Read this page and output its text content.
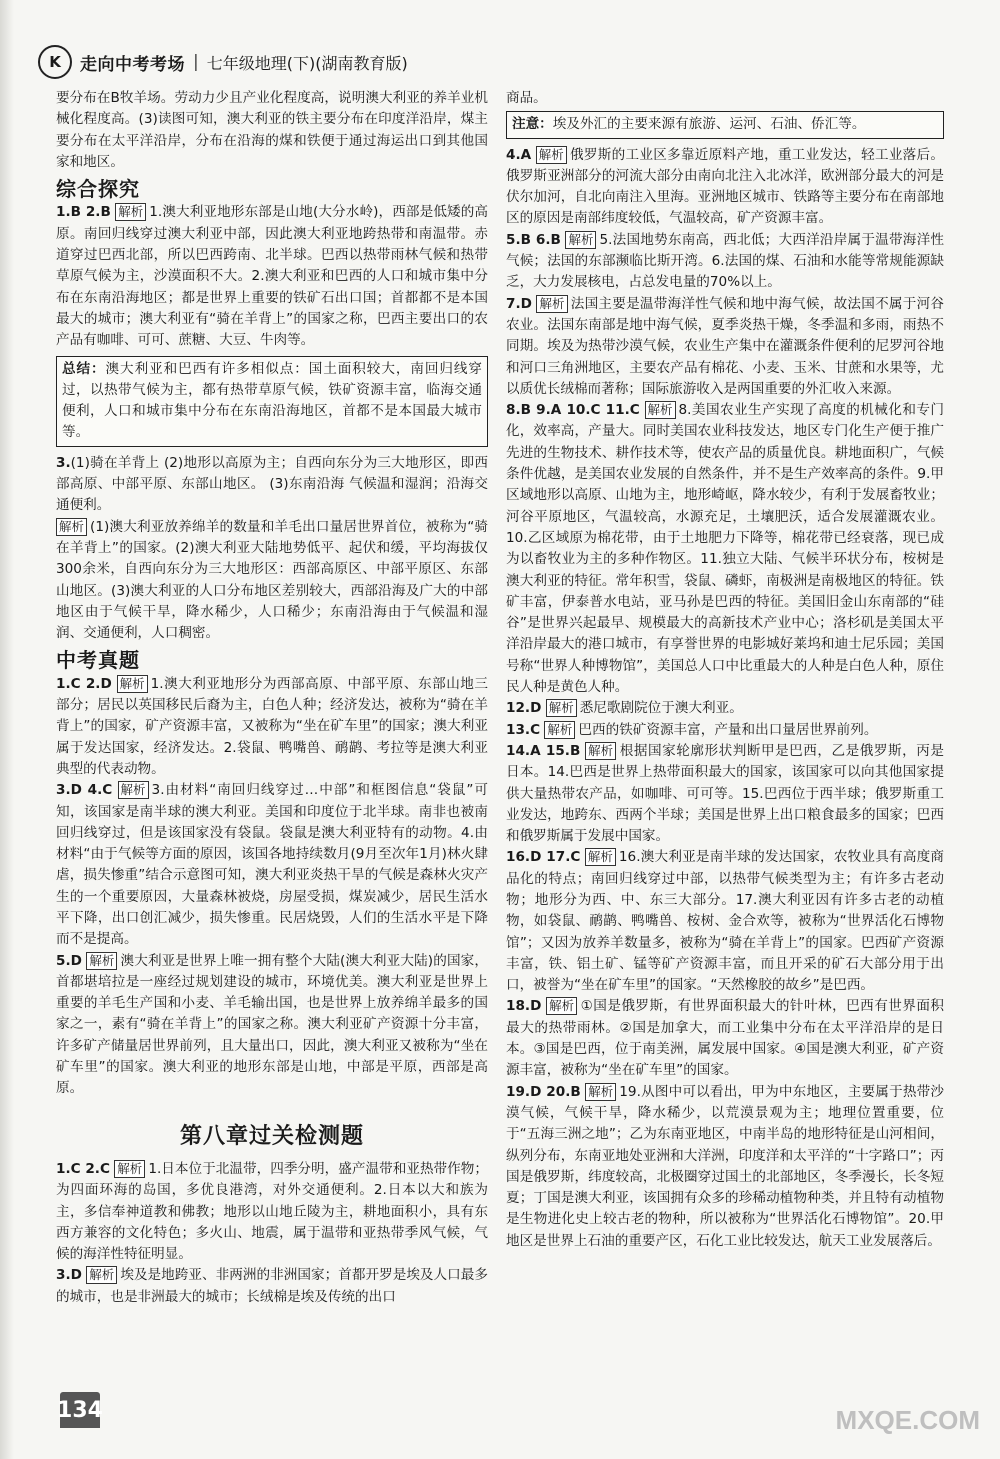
K	走向中考考场 | 七年级地理(下)(湖南教育版)

要分布在B牧羊场。劳动力少且产业化程度高，说明澳大利亚的养羊业机械化程度高。(3)读图可知，澳大利亚的铁主要分布在印度洋沿岸，煤主要分布在太平洋沿岸，分布在沿海的煤和铁便于通过海运出口到其他国家和地区。

综合探究

1.B 2.B 解析 1.澳大利亚地形东部是山地(大分水岭)，西部是低矮的高原。南回归线穿过澳大利亚中部，因此澳大利亚地跨热带和南温带。赤道穿过巴西北部，所以巴西跨南、北半球。巴西以热带雨林气候和热带草原气候为主，沙漠面积不大。2.澳大利亚和巴西的人口和城市集中分布在东南沿海地区；都是世界上重要的铁矿石出口国；首都都不是本国最大的城市；澳大利亚有“骑在羊背上”的国家之称，巴西主要出口的农产品有咖啡、可可、蔗糖、大豆、牛肉等。

总结：澳大利亚和巴西有许多相似点：国土面积较大，南回归线穿过，以热带气候为主，都有热带草原气候，铁矿资源丰富，临海交通便利，人口和城市集中分布在东南沿海地区，首都不是本国最大城市等。

3.(1)骑在羊背上 (2)地形以高原为主；自西向东分为三大地形区，即西部高原、中部平原、东部山地区。 (3)东南沿海 气候温和湿润；沿海交通便利。

解析 (1)澳大利亚放养绵羊的数量和羊毛出口量居世界首位，被称为“骑在羊背上”的国家。(2)澳大利亚大陆地势低平、起伏和缓，平均海拔仅300余米，自西向东分为三大地形区：西部高原区、中部平原区、东部山地区。(3)澳大利亚的人口分布地区差别较大，西部沿海及广大的中部地区由于气候干旱，降水稀少，人口稀少；东南沿海由于气候温和湿润、交通便利，人口稠密。

中考真题

1.C 2.D 解析 1.澳大利亚地形分为西部高原、中部平原、东部山地三部分；居民以英国移民后裔为主，白色人种；经济发达，被称为“骑在羊背上”的国家，矿产资源丰富，又被称为“坐在矿车里”的国家；澳大利亚属于发达国家，经济发达。2.袋鼠、鸭嘴兽、鸸鹋、考拉等是澳大利亚典型的代表动物。

3.D 4.C 解析 3.由材料“南回归线穿过…中部”和框图信息“袋鼠”可知，该国家是南半球的澳大利亚。美国和印度位于北半球。南非也被南回归线穿过，但是该国家没有袋鼠。袋鼠是澳大利亚特有的动物。4.由材料“由于气候等方面的原因，该国各地持续数月(9月至次年1月)林火肆虐，损失惨重”结合示意图可知，澳大利亚炎热干旱的气候是森林火灾产生的一个重要原因，大量森林被烧，房屋受损，煤炭减少，居民生活水平下降，出口创汇减少，损失惨重。民居烧毁，人们的生活水平是下降而不是提高。

5.D 解析 澳大利亚是世界上唯一拥有整个大陆(澳大利亚大陆)的国家，首都堪培拉是一座经过规划建设的城市，环境优美。澳大利亚是世界上重要的羊毛生产国和小麦、羊毛输出国，也是世界上放养绵羊最多的国家之一，素有“骑在羊背上”的国家之称。澳大利亚矿产资源十分丰富，许多矿产储量居世界前列，且大量出口，因此，澳大利亚又被称为“坐在矿车里”的国家。澳大利亚的地形东部是山地，中部是平原，西部是高原。

第八章过关检测题

1.C 2.C 解析 1.日本位于北温带，四季分明，盛产温带和亚热带作物；为四面环海的岛国，多优良港湾，对外交通便利。2.日本以大和族为主，多信奉神道教和佛教；地形以山地丘陵为主，耕地面积小，具有东西方兼容的文化特色；多火山、地震，属于温带和亚热带季风气候，气候的海洋性特征明显。

3.D 解析 埃及是地跨亚、非两洲的非洲国家；首都开罗是埃及人口最多的城市，也是非洲最大的城市；长绒棉是埃及传统的出口

商品。

注意：埃及外汇的主要来源有旅游、运河、石油、侨汇等。

4.A 解析 俄罗斯的工业区多靠近原料产地，重工业发达，轻工业落后。俄罗斯亚洲部分的河流大部分由南向北注入北冰洋，欧洲部分最大的河是伏尔加河，自北向南注入里海。亚洲地区城市、铁路等主要分布在南部地区的原因是南部纬度较低，气温较高，矿产资源丰富。

5.B 6.B 解析 5.法国地势东南高，西北低；大西洋沿岸属于温带海洋性气候；法国的东部濒临比斯开湾。6.法国的煤、石油和水能等常规能源缺乏，大力发展核电，占总发电量的70%以上。

7.D 解析 法国主要是温带海洋性气候和地中海气候，故法国不属于河谷农业。法国东南部是地中海气候，夏季炎热干燥，冬季温和多雨，雨热不同期。埃及为热带沙漠气候，农业生产集中在灌溉条件便利的尼罗河谷地和河口三角洲地区，主要农产品有棉花、小麦、玉米、甘蔗和水果等，尤以质优长绒棉而著称；国际旅游收入是两国重要的外汇收入来源。

8.B 9.A 10.C 11.C 解析 8.美国农业生产实现了高度的机械化和专门化，效率高，产量大。同时美国农业科技发达，地区专门化生产便于推广先进的生物技术、耕作技术等，使农产品的质量优良。耕地面积广，气候条件优越，是美国农业发展的自然条件，并不是生产效率高的条件。9.甲区域地形以高原、山地为主，地形崎岖，降水较少，有利于发展畜牧业；河谷平原地区，气温较高，水源充足，土壤肥沃，适合发展灌溉农业。10.乙区域原为棉花带，由于土地肥力下降等，棉花带已经衰落，现已成为以畜牧业为主的多种作物区。11.独立大陆、气候半环状分布，桉树是澳大利亚的特征。常年积雪，袋鼠、磷虾，南极洲是南极地区的特征。铁矿丰富，伊泰普水电站，亚马孙是巴西的特征。美国旧金山东南部的“硅谷”是世界兴起最早、规模最大的高新技术产业中心；洛杉矶是美国太平洋沿岸最大的港口城市，有享誉世界的电影城好莱坞和迪士尼乐园；美国号称“世界人种博物馆”，美国总人口中比重最大的人种是白色人种，原住民人种是黄色人种。

12.D 解析 悉尼歌剧院位于澳大利亚。

13.C 解析 巴西的铁矿资源丰富，产量和出口量居世界前列。

14.A 15.B 解析 根据国家轮廓形状判断甲是巴西，乙是俄罗斯，丙是日本。14.巴西是世界上热带面积最大的国家，该国家可以向其他国家提供大量热带农产品，如咖啡、可可等。15.巴西位于西半球；俄罗斯重工业发达，地跨东、西两个半球；美国是世界上出口粮食最多的国家；巴西和俄罗斯属于发展中国家。

16.D 17.C 解析 16.澳大利亚是南半球的发达国家，农牧业具有高度商品化的特点；南回归线穿过中部，以热带气候类型为主；有许多古老动物；地形分为西、中、东三大部分。17.澳大利亚因有许多古老的动植物，如袋鼠、鸸鹋、鸭嘴兽、桉树、金合欢等，被称为“世界活化石博物馆”；又因为放养羊数量多，被称为“骑在羊背上”的国家。巴西矿产资源丰富，铁、铝土矿、锰等矿产资源丰富，而且开采的矿石大部分用于出口，被誉为“坐在矿车里”的国家。“天然橡胶的故乡”是巴西。

18.D 解析 ①国是俄罗斯，有世界面积最大的针叶林，巴西有世界面积最大的热带雨林。②国是加拿大，而工业集中分布在太平洋沿岸的是日本。③国是巴西，位于南美洲，属发展中国家。④国是澳大利亚，矿产资源丰富，被称为“坐在矿车里”的国家。

19.D 20.B 解析 19.从图中可以看出，甲为中东地区，主要属于热带沙漠气候，气候干旱，降水稀少，以荒漠景观为主；地理位置重要，位于“五海三洲之地”；乙为东南亚地区，中南半岛的地形特征是山河相间，纵列分布，东南亚地处亚洲和大洋洲，印度洋和太平洋的“十字路口”；丙国是俄罗斯，纬度较高，北极圈穿过国土的北部地区，冬季漫长，长冬短夏；丁国是澳大利亚，该国拥有众多的珍稀动植物种类，并且特有动植物是生物进化史上较古老的物种，所以被称为“世界活化石博物馆”。20.甲地区是世界上石油的重要产区，石化工业比较发达，航天工业发展落后。

134	MXQE.COM
